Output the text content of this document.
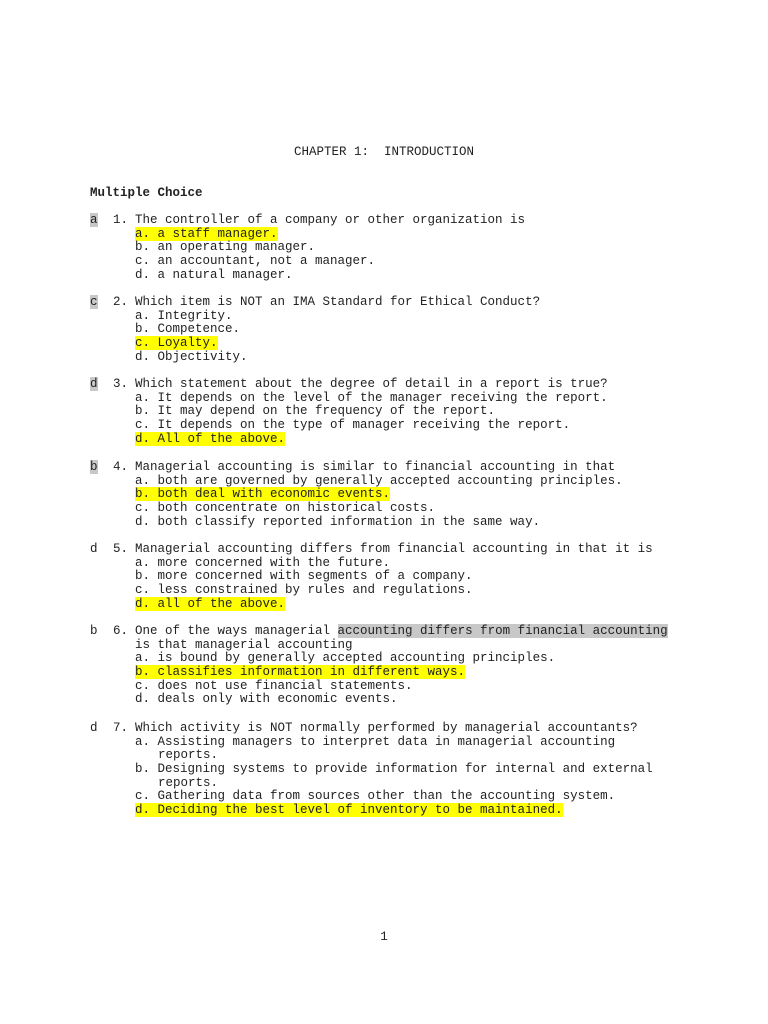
CHAPTER 1:  INTRODUCTION
Multiple Choice
a	1. The controller of a company or other organization is
a. a staff manager.
b. an operating manager.
c. an accountant, not a manager.
d. a natural manager.
c	2. Which item is NOT an IMA Standard for Ethical Conduct?
a. Integrity.
b. Competence.
c. Loyalty.
d. Objectivity.
d	3. Which statement about the degree of detail in a report is true?
a. It depends on the level of the manager receiving the report.
b. It may depend on the frequency of the report.
c. It depends on the type of manager receiving the report.
d. All of the above.
b	4. Managerial accounting is similar to financial accounting in that
a. both are governed by generally accepted accounting principles.
b. both deal with economic events.
c. both concentrate on historical costs.
d. both classify reported information in the same way.
d	5. Managerial accounting differs from financial accounting in that it is
a. more concerned with the future.
b. more concerned with segments of a company.
c. less constrained by rules and regulations.
d. all of the above.
b	6. One of the ways managerial accounting differs from financial accounting
is that managerial accounting
a. is bound by generally accepted accounting principles.
b. classifies information in different ways.
c. does not use financial statements.
d. deals only with economic events.
d	7. Which activity is NOT normally performed by managerial accountants?
a. Assisting managers to interpret data in managerial accounting
reports.
b. Designing systems to provide information for internal and external
reports.
c. Gathering data from sources other than the accounting system.
d. Deciding the best level of inventory to be maintained.
1
